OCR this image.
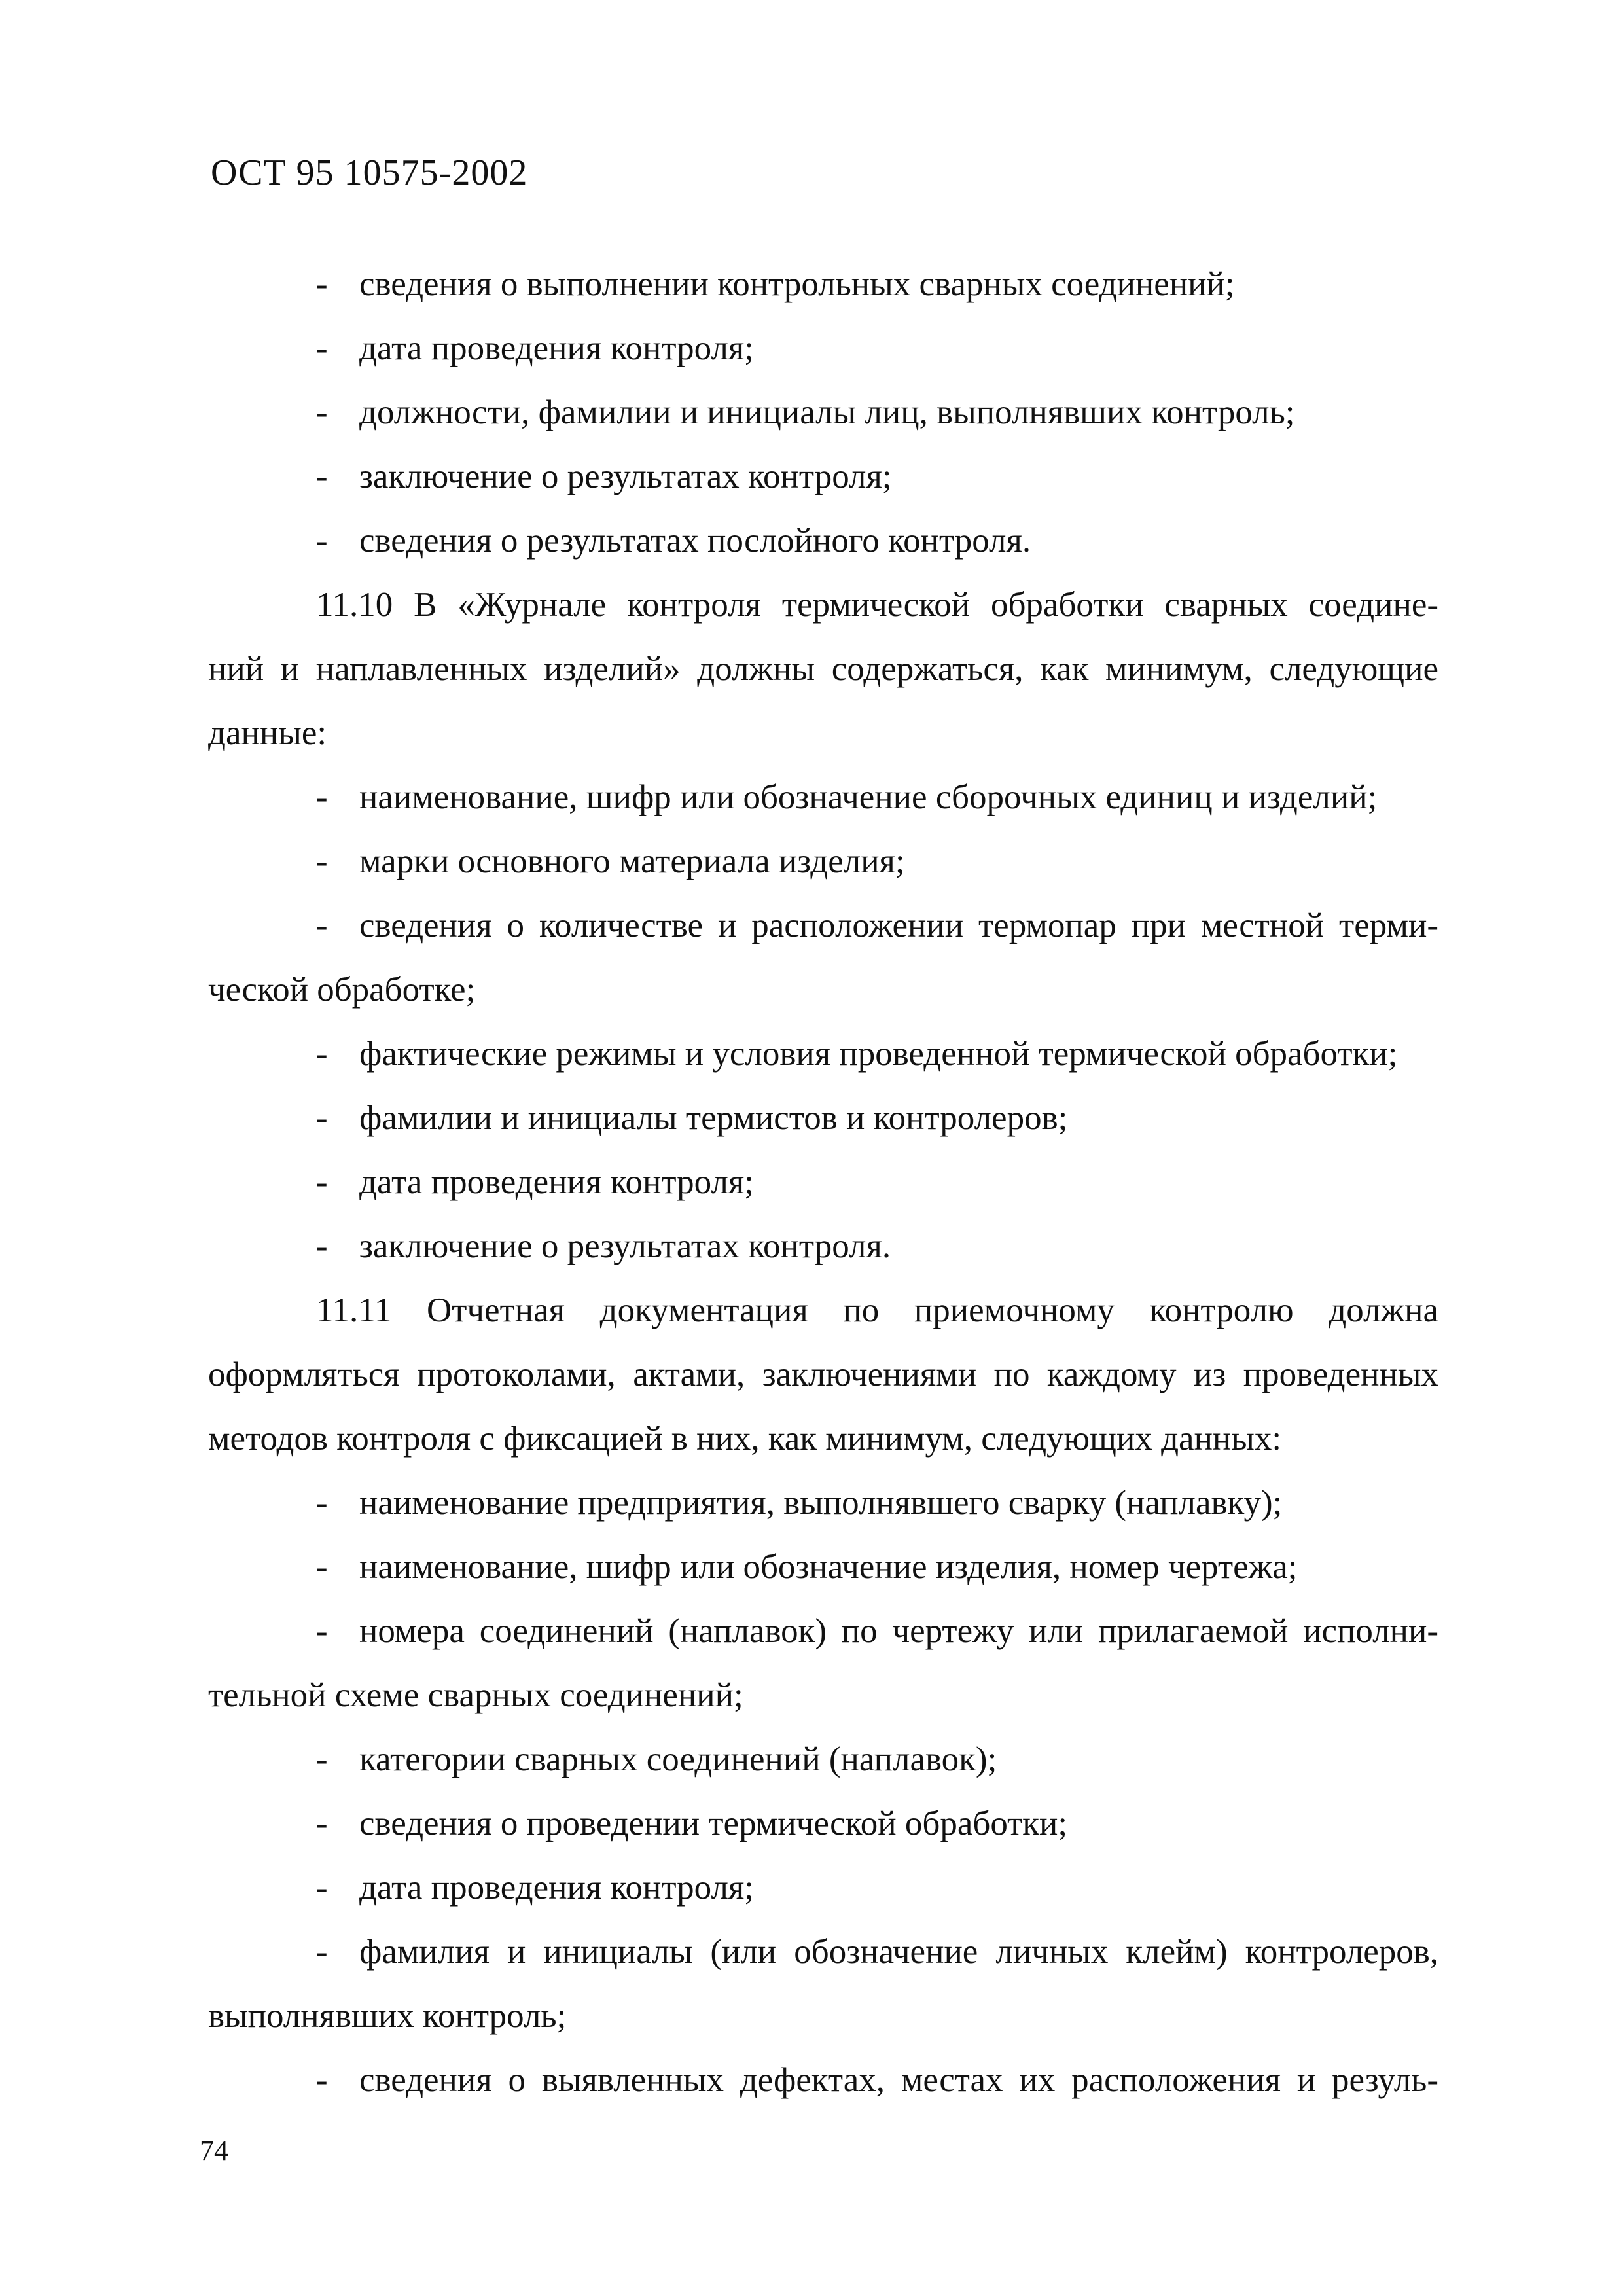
ОСТ 95 10575-2002
- сведения о выполнении контрольных сварных соединений;
- дата проведения контроля;
- должности, фамилии и инициалы лиц, выполнявших контроль;
- заключение о результатах контроля;
- сведения о результатах послойного контроля.
11.10 В «Журнале контроля термической обработки сварных соедине-
ний и наплавленных изделий» должны содержаться, как минимум, следующие
данные:
- наименование, шифр или обозначение сборочных единиц и изделий;
- марки основного материала изделия;
- сведения о количестве и расположении термопар при местной терми-
ческой обработке;
- фактические режимы и условия проведенной термической обработки;
- фамилии и инициалы термистов и контролеров;
- дата проведения контроля;
- заключение о результатах контроля.
11.11 Отчетная документация по приемочному контролю должна
оформляться протоколами, актами, заключениями по каждому из проведенных
методов контроля с фиксацией в них, как минимум, следующих данных:
- наименование предприятия, выполнявшего сварку (наплавку);
- наименование, шифр или обозначение изделия, номер чертежа;
- номера соединений (наплавок) по чертежу или прилагаемой исполни-
тельной схеме сварных соединений;
- категории сварных соединений (наплавок);
- сведения о проведении термической обработки;
- дата проведения контроля;
- фамилия и инициалы (или обозначение личных клейм) контролеров,
выполнявших контроль;
- сведения о выявленных дефектах, местах их расположения и резуль-
74
